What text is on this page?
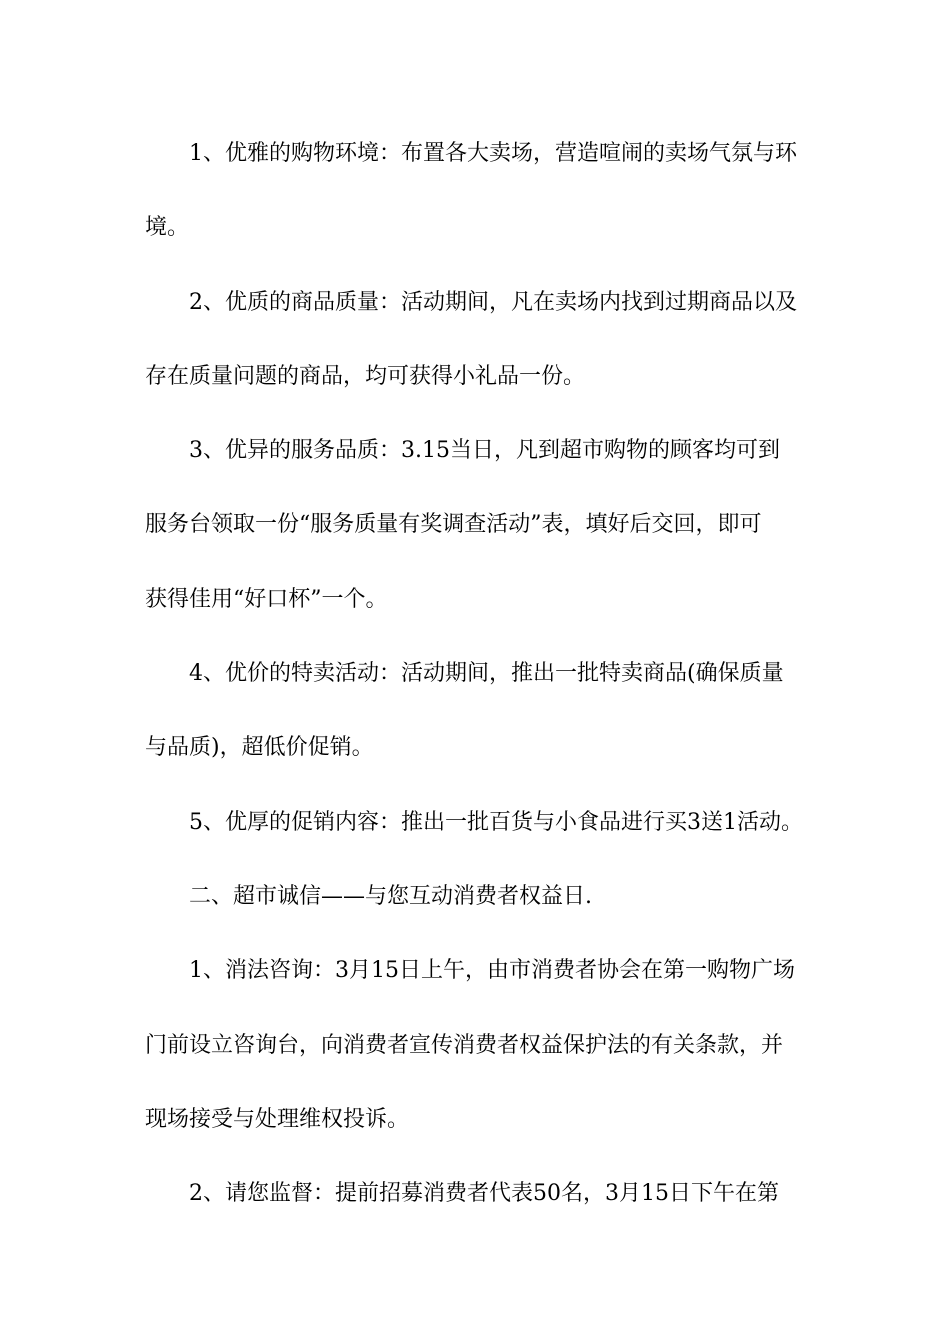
1、优雅的购物环境：布置各大卖场，营造喧闹的卖场气氛与环
境。
2、优质的商品质量：活动期间，凡在卖场内找到过期商品以及
存在质量问题的商品，均可获得小礼品一份。
3、优异的服务品质：3.15当日，凡到超市购物的顾客均可到
服务台领取一份“服务质量有奖调查活动”表，填好后交回，即可
获得佳用“好口杯”一个。
4、优价的特卖活动：活动期间，推出一批特卖商品(确保质量
与品质)，超低价促销。
5、优厚的促销内容：推出一批百货与小食品进行买3送1活动。
二、超市诚信——与您互动消费者权益日.
1、消法咨询：3月15日上午，由市消费者协会在第一购物广场
门前设立咨询台，向消费者宣传消费者权益保护法的有关条款，并
现场接受与处理维权投诉。
2、请您监督：提前招募消费者代表50名，3月15日下午在第
